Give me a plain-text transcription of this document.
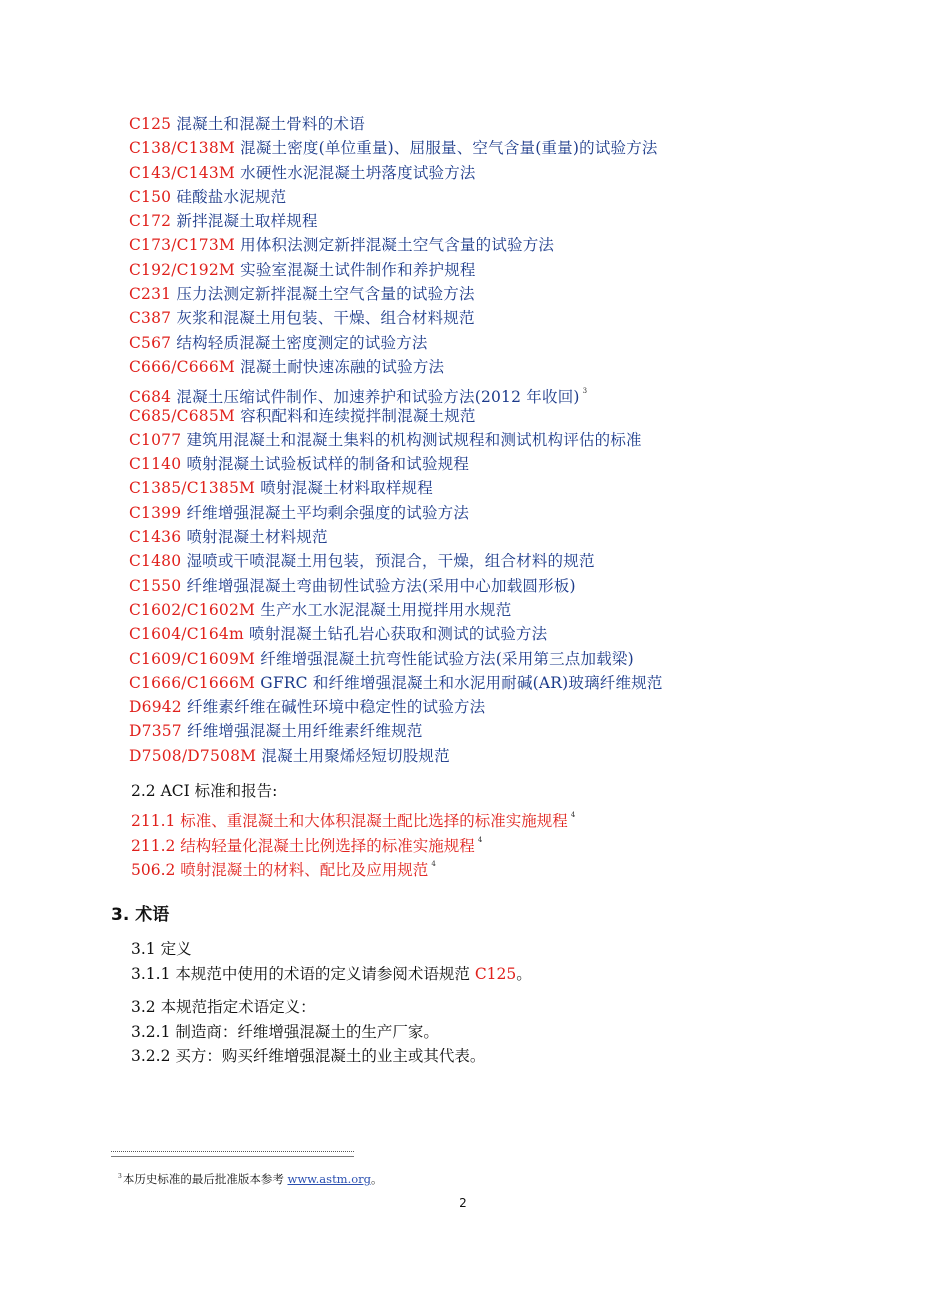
C125 混凝土和混凝土骨料的术语
C138/C138M 混凝土密度(单位重量)、屈服量、空气含量(重量)的试验方法
C143/C143M 水硬性水泥混凝土坍落度试验方法
C150 硅酸盐水泥规范
C172 新拌混凝土取样规程
C173/C173M 用体积法测定新拌混凝土空气含量的试验方法
C192/C192M 实验室混凝土试件制作和养护规程
C231 压力法测定新拌混凝土空气含量的试验方法
C387 灰浆和混凝土用包装、干燥、组合材料规范
C567 结构轻质混凝土密度测定的试验方法
C666/C666M 混凝土耐快速冻融的试验方法
C684 混凝土压缩试件制作、加速养护和试验方法(2012 年收回) $^3$
C685/C685M 容积配料和连续搅拌制混凝土规范
C1077 建筑用混凝土和混凝土集料的机构测试规程和测试机构评估的标准
C1140 喷射混凝土试验板试样的制备和试验规程
C1385/C1385M 喷射混凝土材料取样规程
C1399 纤维增强混凝土平均剩余强度的试验方法
C1436 喷射混凝土材料规范
C1480 湿喷或干喷混凝土用包装，预混合，干燥，组合材料的规范
C1550 纤维增强混凝土弯曲韧性试验方法(采用中心加载圆形板)
C1602/C1602M 生产水工水泥混凝土用搅拌用水规范
C1604/C164m 喷射混凝土钻孔岩心获取和测试的试验方法
C1609/C1609M 纤维增强混凝土抗弯性能试验方法(采用第三点加载梁)
C1666/C1666M GFRC 和纤维增强混凝土和水泥用耐碱(AR)玻璃纤维规范
D6942 纤维素纤维在碱性环境中稳定性的试验方法
D7357 纤维增强混凝土用纤维素纤维规范
D7508/D7508M 混凝土用聚烯烃短切股规范
2.2 ACI 标准和报告:
211.1 标准、重混凝土和大体积混凝土配比选择的标准实施规程 $^4$
211.2 结构轻量化混凝土比例选择的标准实施规程 $^4$
506.2 喷射混凝土的材料、配比及应用规范 $^4$
3. 术语
3.1 定义
3.1.1 本规范中使用的术语的定义请参阅术语规范 C125。
3.2 本规范指定术语定义：
3.2.1 制造商：纤维增强混凝土的生产厂家。
3.2.2 买方：购买纤维增强混凝土的业主或其代表。
$^3$本历史标准的最后批准版本参考 www.astm.org。
2
